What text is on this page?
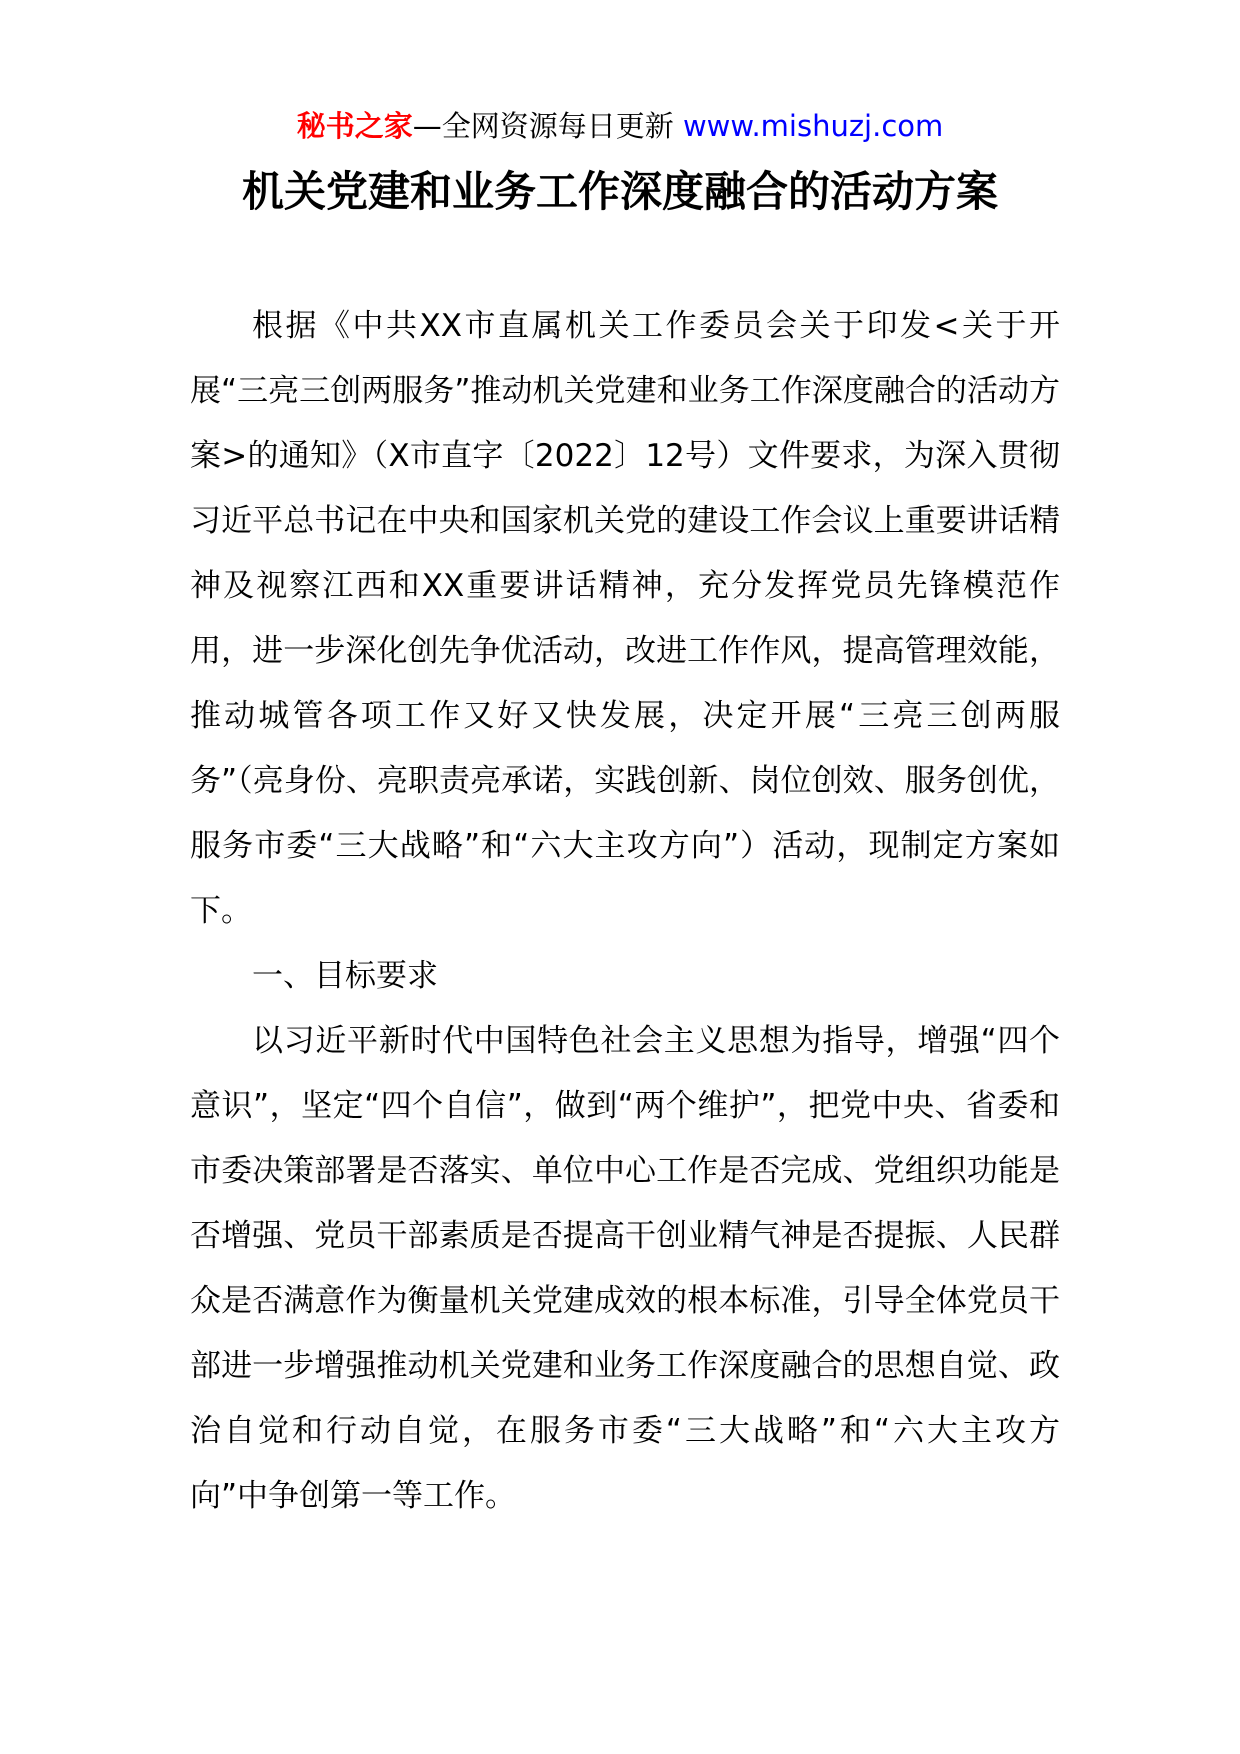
秘书之家—全网资源每日更新 www.mishuzj.com
机关党建和业务工作深度融合的活动方案

根据《中共XX市直属机关工作委员会关于印发<关于开展“三亮三创两服务”推动机关党建和业务工作深度融合的活动方案>的通知》（X市直字〔2022〕12号）文件要求，为深入贯彻习近平总书记在中央和国家机关党的建设工作会议上重要讲话精神及视察江西和XX重要讲话精神，充分发挥党员先锋模范作用，进一步深化创先争优活动，改进工作作风，提高管理效能，推动城管各项工作又好又快发展，决定开展“三亮三创两服务”（亮身份、亮职责亮承诺，实践创新、岗位创效、服务创优，服务市委“三大战略”和“六大主攻方向”）活动，现制定方案如下。

一、目标要求

以习近平新时代中国特色社会主义思想为指导，增强“四个意识”，坚定“四个自信”，做到“两个维护”，把党中央、省委和市委决策部署是否落实、单位中心工作是否完成、党组织功能是否增强、党员干部素质是否提高干创业精气神是否提振、人民群众是否满意作为衡量机关党建成效的根本标准，引导全体党员干部进一步增强推动机关党建和业务工作深度融合的思想自觉、政治自觉和行动自觉，在服务市委“三大战略”和“六大主攻方向”中争创第一等工作。
